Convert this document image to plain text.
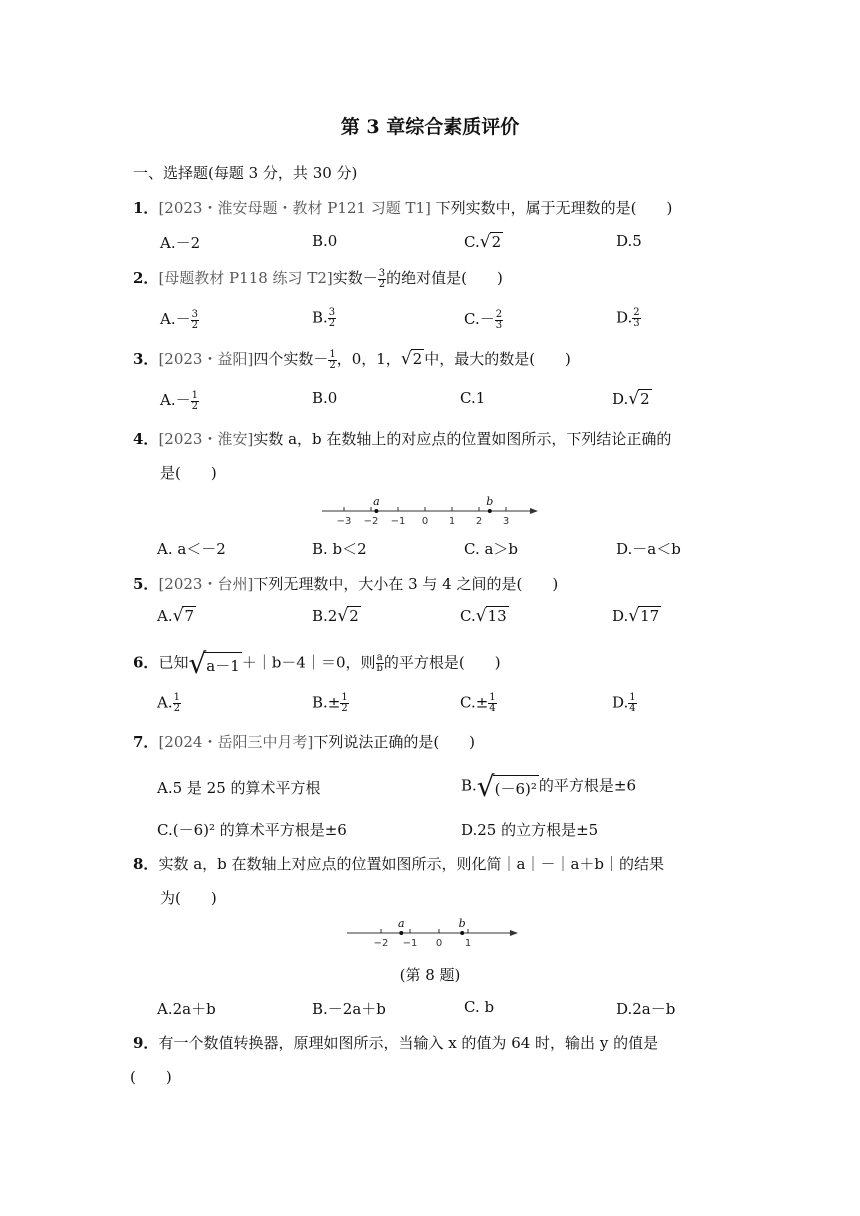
第 3 章综合素质评价
一、选择题(每题 3 分，共 30 分)
1．[2023・淮安母题・教材 P121 习题 T1] 下列实数中，属于无理数的是(　　)
A.－2	B.0	C.√2	D.5
2．[母题教材 P118 练习 T2]实数－ $\frac{3}{2}$ 的绝对值是(　　)
$A.- \frac{3}{2}$	B. $\frac{3}{2}$	$C.- \frac{2}{3}$	D. $\frac{2}{3}$
3．[2023・益阳]四个实数－ $\frac{1}{2}$ ，0，1，√2 中，最大的数是(　　)
$A.- \frac{1}{2}$	B.0	C.1	D.√2
4．[2023・淮安]实数 a，b 在数轴上的对应点的位置如图所示，下列结论正确的
是(　　)
−3 −2 −1 0 1 2 3
a	b
A. a＜－2	B. b＜2	C. a＞b	D.－a＜b
5．[2023・台州]下列无理数中，大小在 3 与 4 之间的是(　　)
A.√7	B.2√2	C.√13	D.√17
6．已知√a－1 ＋｜b－4｜＝0，则 $\frac{a}{b}$ 的平方根是(　　)
A. $\frac{1}{2}$	$B.\pm \frac{1}{2}$	$C.\pm \frac{1}{4}$	D. $\frac{1}{4}$
7．[2024・岳阳三中月考]下列说法正确的是(　　)
A.5 是 25 的算术平方根	B.√(－6)² 的平方根是±6
C.(－6)² 的算术平方根是±6	D.25 的立方根是±5
8．实数 a，b 在数轴上对应点的位置如图所示，则化简｜a｜－｜a＋b｜的结果
为(　　)
−2 −1 0 1
a	b
(第 8 题)
A.2a＋b	B.－2a＋b	C. b	D.2a－b
9．有一个数值转换器，原理如图所示，当输入 x 的值为 64 时，输出 y 的值是
(　　)
